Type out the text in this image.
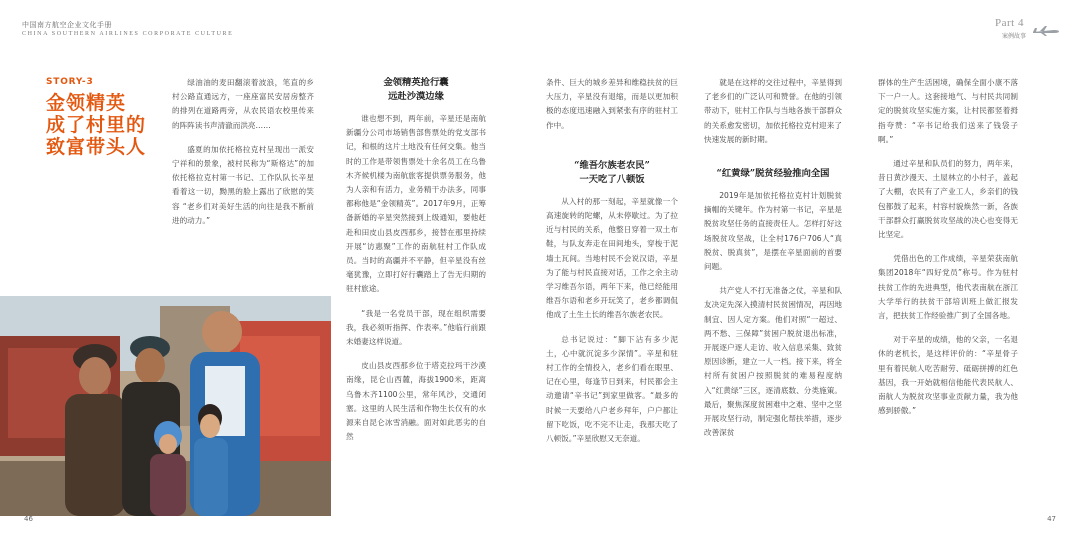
中国南方航空企业文化手册
CHINA SOUTHERN AIRLINES CORPORATE CULTURE
STORY-3
金领精英
成了村里的
致富带头人

绿油油的麦田翻滚着波浪，笔直的乡村公路直通远方，一座座富民安居房整齐的排列在道路两旁，从农民语农校里传来的阵阵读书声清澈而洪亮……

盛夏的加依托格拉克村呈现出一派安宁祥和的景象，被村民称为“斯格达”的加依托格拉克村第一书记、工作队队长辛星看着这一切，黝黑的脸上露出了欣慰的笑容 “老乡们对美好生活的向往是我不断前进的动力。”

金领精英抢行囊
远赴沙漠边缘

谁也想不到，两年前，辛星还是南航新疆分公司市场销售部售票处的党支部书记，和根的这片土地没有任何交集。他当时的工作是带领售票处十余名员工在乌鲁木齐候机楼为南航旅客提供票务服务，他为人亲和有活力，业务精干办法多，同事都称他是“金领精英”。2017年9月，正筹备新婚的辛星突然接到上级通知，要他赶赴和田皮山县皮西那乡，接替在那里持续开展“访惠聚”工作的南航驻村工作队成员。当时的高疆并不平静，但辛星没有丝毫犹豫，立即打好行囊踏上了告无归期的驻村旅途。

“我是一名党员干部，现在组织需要我，我必须听指挥、作表率。”他临行前跟未婚妻这样说道。

皮山县皮西那乡位于塔克拉玛干沙漠南缘，昆仑山西麓，海拔1900米，距离乌鲁木齐1100公里，常年风沙，交通闭塞。这里的人民生活和作物生长仅有的水源来自昆仑冰雪消融。面对如此恶劣的自然

46
Part 4
案例故事

条件、巨大的城乡差异和维稳扶贫的巨大压力，辛星没有退缩，而是以更加积极的态度迅速融入到紧张有序的驻村工作中。

“维吾尔族老农民”
一天吃了八顿饭

从入村的那一刻起，辛星就像一个高速旋转的陀螺，从未停歇过。为了拉近与村民的关系，他整日穿着一双土布鞋，与队友奔走在田间地头，穿梭于泥墙土瓦间。当地村民不会说汉语，辛星为了能与村民直接对话，工作之余主动学习维吾尔语，两年下来，他已经能用维吾尔语和老乡开玩笑了，老乡都调侃他成了土生土长的维吾尔族老农民。

总书记说过：“脚下沾有多少泥土，心中就沉淀多少深情”。辛星和驻村工作的全情投入，老乡们看在眼里、记在心里，每逢节日到来，村民都会主动邀请“辛书记”到家里做客。“最多的时候一天要给八户老乡拜年，户户都让留下吃饭，吃不完不让走，我那天吃了八顿饭。”辛星欣慰又无奈道。

就是在这样的交往过程中，辛星得到了老乡们的广泛认可和赞誉。在他的引领带动下，驻村工作队与当地各族干部群众的关系愈发密切，加依托格拉克村迎来了快速发展的新时期。

“红黄绿”脱贫经验推向全国

2019年是加依托格拉克村计划脱贫摘帽的关键年。作为村第一书记，辛星是脱贫攻坚任务的直接责任人。怎样打好这场脱贫攻坚战，让全村176户706人“真脱贫、脱真贫”，是摆在辛星面前的首要问题。

共产党人不打无准备之仗，辛星和队友决定先深入摸清村民贫困情况，再因地制宜、因人定方案。他们对照“一超过、两不愁、三保障”贫困户脱贫退出标准，开展逐户逐人走访、收入信息采集、致贫原因诊断，建立一人一档。接下来，将全村所有贫困户按照脱贫的难易程度纳入“红黄绿”三区，逐清底数、分类施策。最后，聚焦深度贫困难中之难、坚中之坚开展攻坚行动，制定强化帮扶举措，逐步改善深贫

群体的生产生活困境，确保全面小康不落下一户一人。这套接地气、与村民共同制定的脱贫攻坚实施方案，让村民都竖着拇指夸赞：“辛书记给我们送来了钱袋子啊。”

通过辛星和队员们的努力，两年来，昔日黄沙漫天、土屋林立的小村子，盖起了大棚，农民有了产业工人，乡亲们的钱包都鼓了起来，村容村貌焕然一新，各族干部群众打赢脱贫攻坚战的决心也变得无比坚定。

凭借出色的工作成绩，辛星荣获南航集团2018年“四好党员”称号。作为驻村扶贫工作的先进典型，他代表南航在浙江大学举行的扶贫干部培训班上做汇报发言，把扶贫工作经验推广到了全国各地。

对于辛星的成绩，他的父亲，一名退休的老机长，是这样评价的：“辛星骨子里有着民航人吃苦耐劳、砥砺拼搏的红色基因，我一开始就相信他能代表民航人、南航人为脱贫攻坚事业贡献力量，我为他感到骄傲。”

47
